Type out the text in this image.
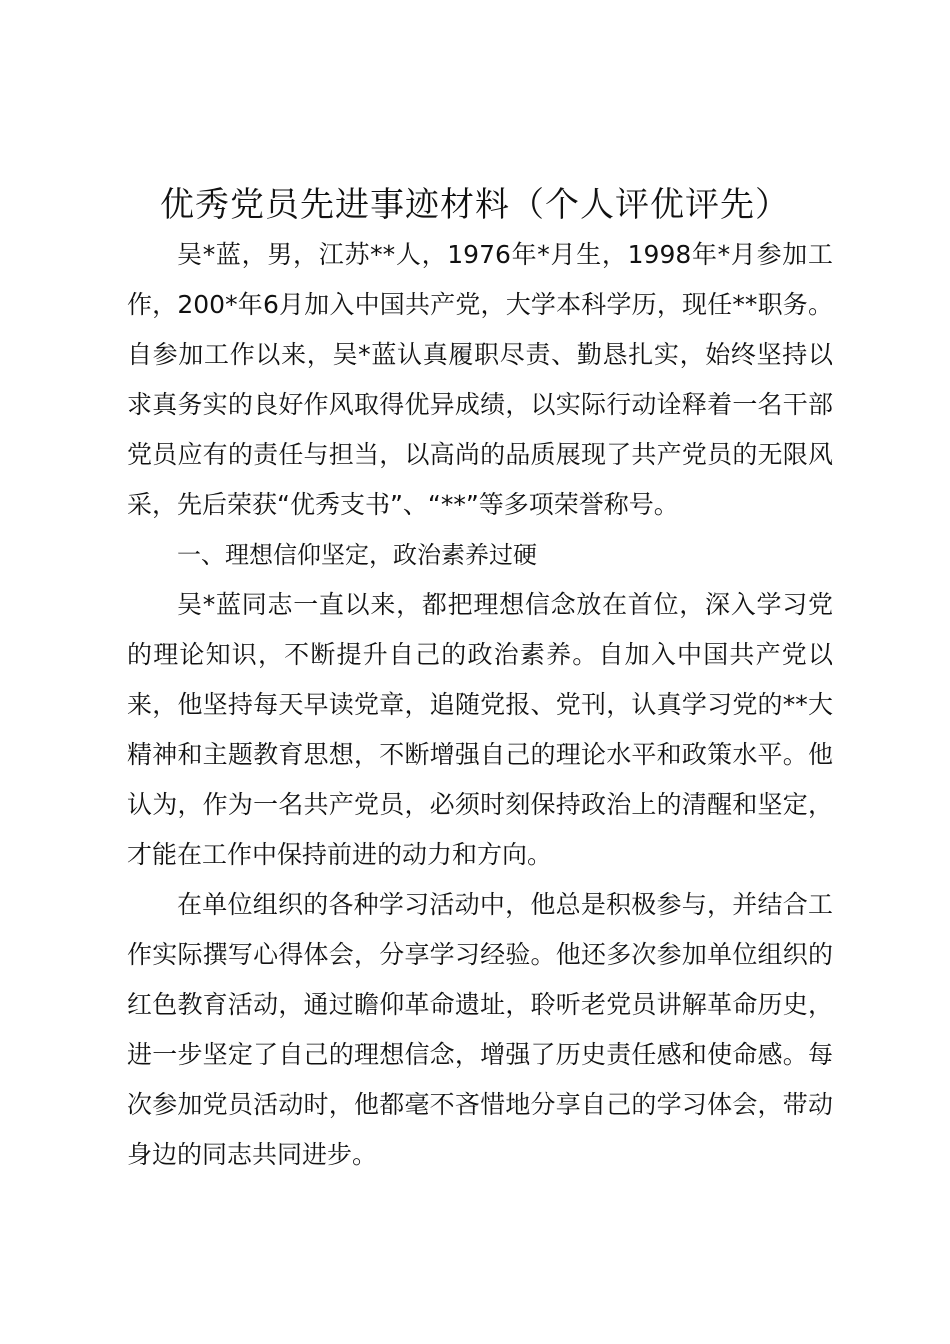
优秀党员先进事迹材料（个人评优评先）

吴*蓝，男，江苏**人，1976年*月生，1998年*月参加工作，200*年6月加入中国共产党，大学本科学历，现任**职务。自参加工作以来，吴*蓝认真履职尽责、勤恳扎实，始终坚持以求真务实的良好作风取得优异成绩，以实际行动诠释着一名干部党员应有的责任与担当，以高尚的品质展现了共产党员的无限风采，先后荣获“优秀支书”、“**”等多项荣誉称号。

一、理想信仰坚定，政治素养过硬

吴*蓝同志一直以来，都把理想信念放在首位，深入学习党的理论知识，不断提升自己的政治素养。自加入中国共产党以来，他坚持每天早读党章，追随党报、党刊，认真学习党的**大精神和主题教育思想，不断增强自己的理论水平和政策水平。他认为，作为一名共产党员，必须时刻保持政治上的清醒和坚定，才能在工作中保持前进的动力和方向。

在单位组织的各种学习活动中，他总是积极参与，并结合工作实际撰写心得体会，分享学习经验。他还多次参加单位组织的红色教育活动，通过瞻仰革命遗址，聆听老党员讲解革命历史，进一步坚定了自己的理想信念，增强了历史责任感和使命感。每次参加党员活动时，他都毫不吝惜地分享自己的学习体会，带动身边的同志共同进步。
